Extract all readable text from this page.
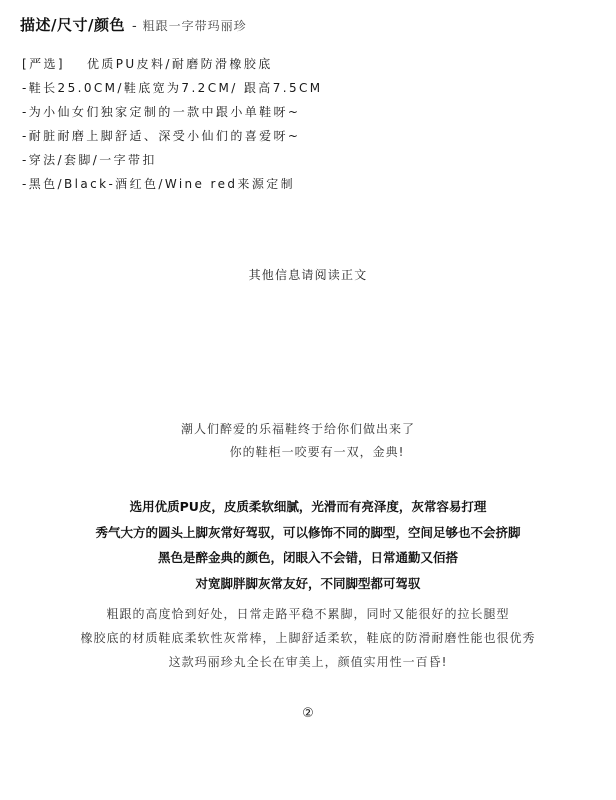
描述/尺寸/颜色 - 粗跟一字带玛丽珍
[严选] 优质PU皮料/耐磨防滑橡胶底
-鞋长25.0CM/鞋底宽为7.2CM/ 跟高7.5CM
-为小仙女们独家定制的一款中跟小单鞋呀~
-耐脏耐磨上脚舒适、深受小仙们的喜爱呀~
-穿法/套脚/一字带扣
-黑色/Black-酒红色/Wine red来源定制
其他信息请阅读正文
潮人们醉爱的乐福鞋终于给你们做出来了
你的鞋柜一咬要有一双，金典!
选用优质PU皮，皮质柔软细腻，光滑而有亮泽度，灰常容易打理
秀气大方的圆头上脚灰常好驾驭，可以修饰不同的脚型，空间足够也不会挤脚
黑色是醉金典的颜色，闭眼入不会错，日常通勤又佰搭
对宽脚胖脚灰常友好，不同脚型都可驾驭
粗跟的高度恰到好处，日常走路平稳不累脚，同时又能很好的拉长腿型
橡胶底的材质鞋底柔软性灰常棒，上脚舒适柔软，鞋底的防滑耐磨性能也很优秀
这款玛丽珍丸全长在审美上，颜值实用性一百昏!
②
